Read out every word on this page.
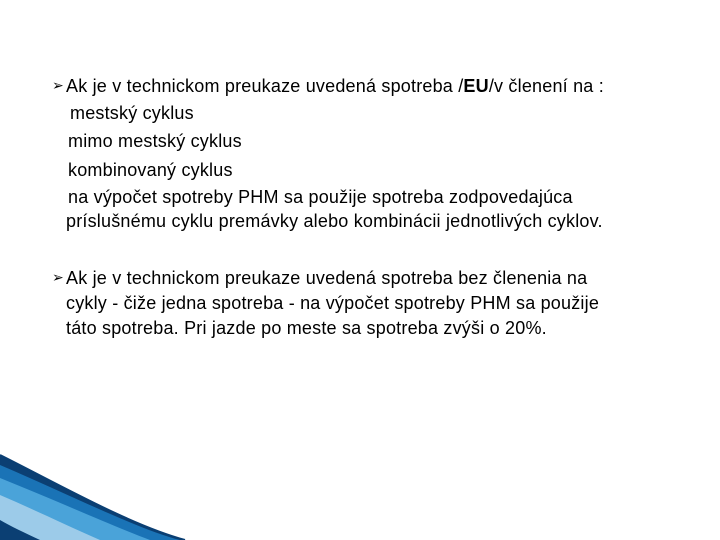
➢ Ak je v technickom preukaze uvedená spotreba /EU/v členení na :
mestský cyklus
mimo mestský cyklus
kombinovaný cyklus
na výpočet spotreby PHM sa použije spotreba zodpovedajúca
príslušnému cyklu premávky alebo kombinácii jednotlivých cyklov.
➢ Ak je v technickom preukaze uvedená spotreba bez členenia na
cykly - čiže jedna spotreba - na výpočet spotreby PHM sa použije
táto spotreba. Pri jazde po meste sa spotreba zvýši o 20%.
